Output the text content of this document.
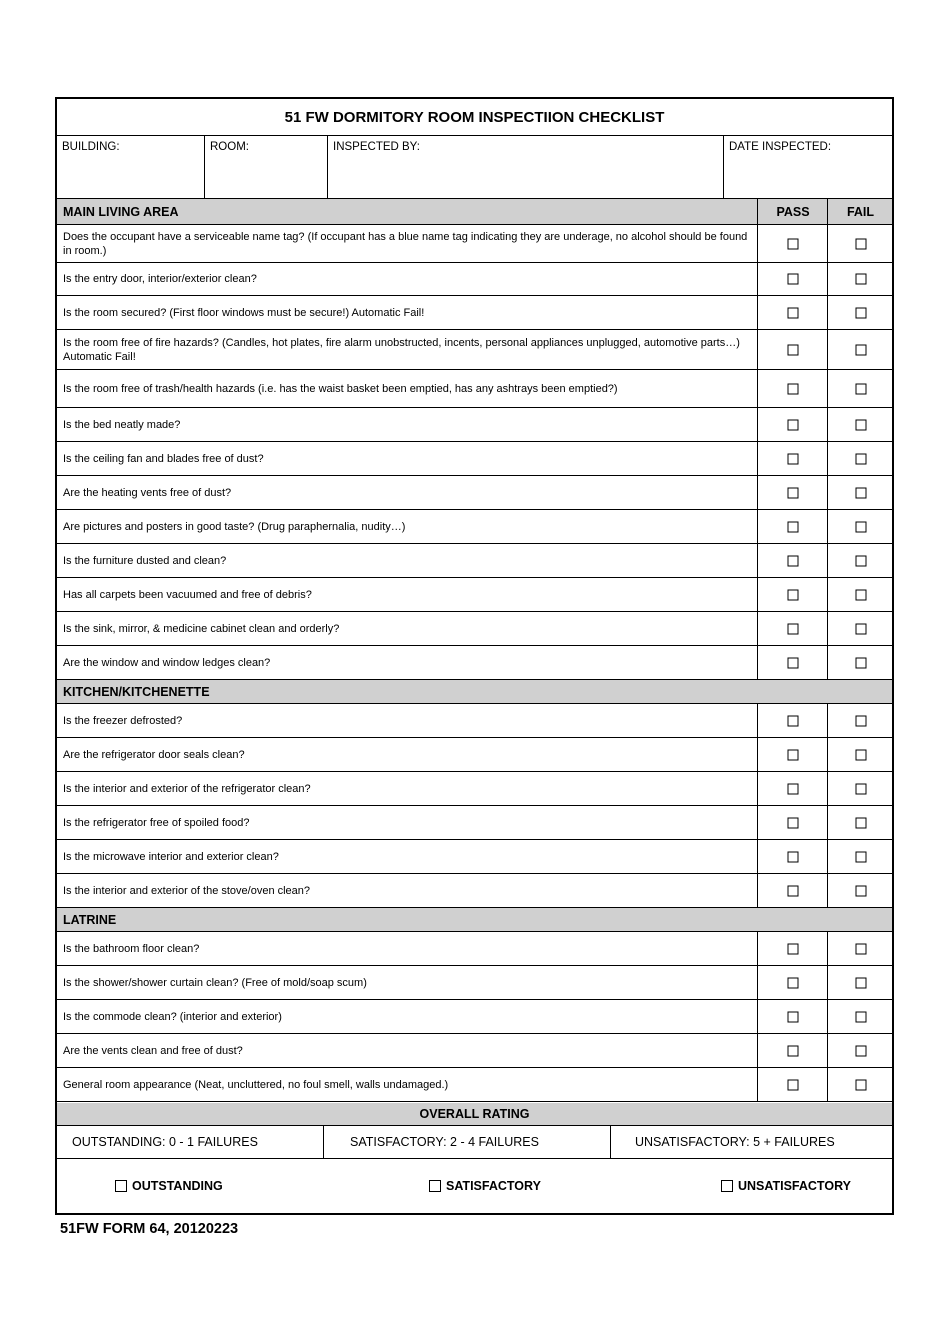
51 FW DORMITORY ROOM INSPECTIION CHECKLIST
BUILDING:	ROOM:	INSPECTED BY:	DATE INSPECTED:
MAIN LIVING AREA	PASS	FAIL
Does the occupant have a serviceable name tag? (If occupant has a blue name tag indicating they are underage, no alcohol should be found in room.)
Is the entry door, interior/exterior clean?
Is the room secured? (First floor windows must be secure!) Automatic Fail!
Is the room free of fire hazards? (Candles, hot plates, fire alarm unobstructed, incents, personal appliances unplugged, automotive parts…) Automatic Fail!
Is the room free of trash/health hazards (i.e. has the waist basket been emptied, has any ashtrays been emptied?)
Is the bed neatly made?
Is the ceiling fan and blades free of dust?
Are the heating vents free of dust?
Are pictures and posters in good taste? (Drug paraphernalia, nudity…)
Is the furniture dusted and clean?
Has all carpets been vacuumed and free of debris?
Is the sink, mirror, & medicine cabinet clean and orderly?
Are the window and window ledges clean?
KITCHEN/KITCHENETTE
Is the freezer defrosted?
Are the refrigerator door seals clean?
Is the interior and exterior of the refrigerator clean?
Is the refrigerator free of spoiled food?
Is the microwave interior and exterior clean?
Is the interior and exterior of the stove/oven clean?
LATRINE
Is the bathroom floor clean?
Is the shower/shower curtain clean? (Free of mold/soap scum)
Is the commode clean? (interior and exterior)
Are the vents clean and free of dust?
General room appearance (Neat, uncluttered, no foul smell, walls undamaged.)
OVERALL RATING
OUTSTANDING: 0 - 1 FAILURES	SATISFACTORY: 2 - 4 FAILURES	UNSATISFACTORY: 5 + FAILURES
OUTSTANDING	SATISFACTORY	UNSATISFACTORY
51FW FORM 64, 20120223
